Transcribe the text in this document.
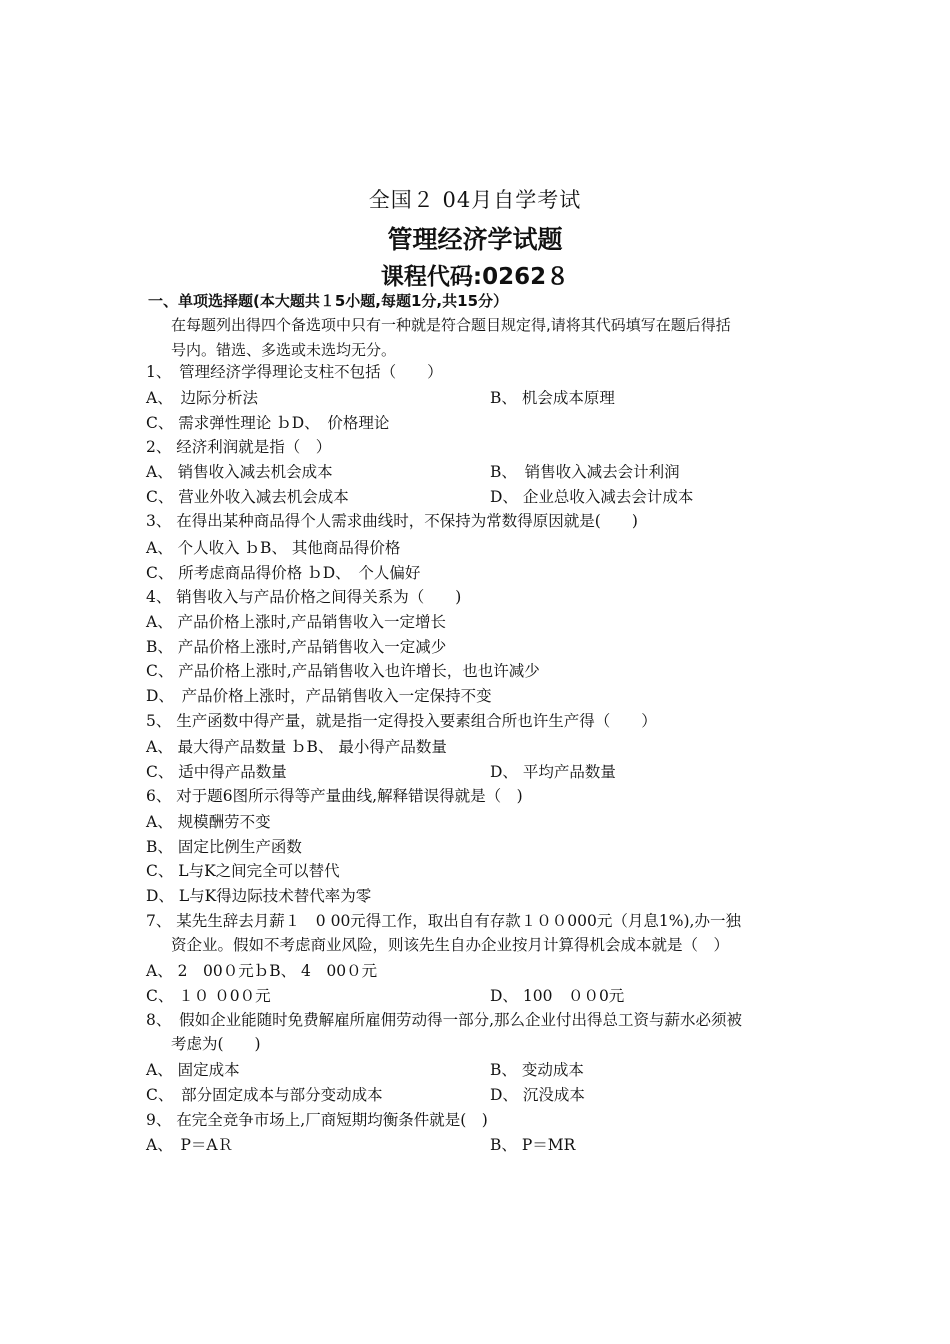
全国２ 04月自学考试
管理经济学试题
课程代码:0262８
一、单项选择题(本大题共１5小题,每题1分,共15分）
在每题列出得四个备选项中只有一种就是符合题目规定得,请将其代码填写在题后得括
号内。错选、多选或未选均无分。
1、　管理经济学得理论支柱不包括（　　）
A、　边际分析法	B、 机会成本原理
C、 需求弹性理论 ｂD、　价格理论
2、 经济利润就是指（　）
A、 销售收入减去机会成本	B、　销售收入减去会计利润
C、 营业外收入减去机会成本	D、 企业总收入减去会计成本
3、 在得出某种商品得个人需求曲线时，不保持为常数得原因就是(　　)
A、 个人收入 ｂB、 其他商品得价格
C、 所考虑商品得价格 ｂD、　个人偏好
4、 销售收入与产品价格之间得关系为（　　)
A、 产品价格上涨时,产品销售收入一定增长
B、 产品价格上涨时,产品销售收入一定减少
C、 产品价格上涨时,产品销售收入也许增长，也也许减少
D、　产品价格上涨时，产品销售收入一定保持不变
5、 生产函数中得产量，就是指一定得投入要素组合所也许生产得（　　）
A、 最大得产品数量 ｂB、 最小得产品数量
C、 适中得产品数量	D、 平均产品数量
6、 对于题6图所示得等产量曲线,解释错误得就是（　)
A、 规模酬劳不变
B、 固定比例生产函数
C、 L与K之间完全可以替代
D、 L与K得边际技术替代率为零
7、 某先生辞去月薪１　0 00元得工作，取出自有存款１００000元（月息1%),办一独
资企业。假如不考虑商业风险，则该先生自办企业按月计算得机会成本就是（　）
A、 2　00０元ｂB、 4　00０元
C、 １０ ０0０元	D、 100　００0元
8、　假如企业能随时免费解雇所雇佣劳动得一部分,那么企业付出得总工资与薪水必须被
考虑为(　　)
A、 固定成本	B、 变动成本
C、　部分固定成本与部分变动成本	D、 沉没成本
9、 在完全竞争市场上,厂商短期均衡条件就是(　)
A、　P＝AＲ	B、 P＝MR
